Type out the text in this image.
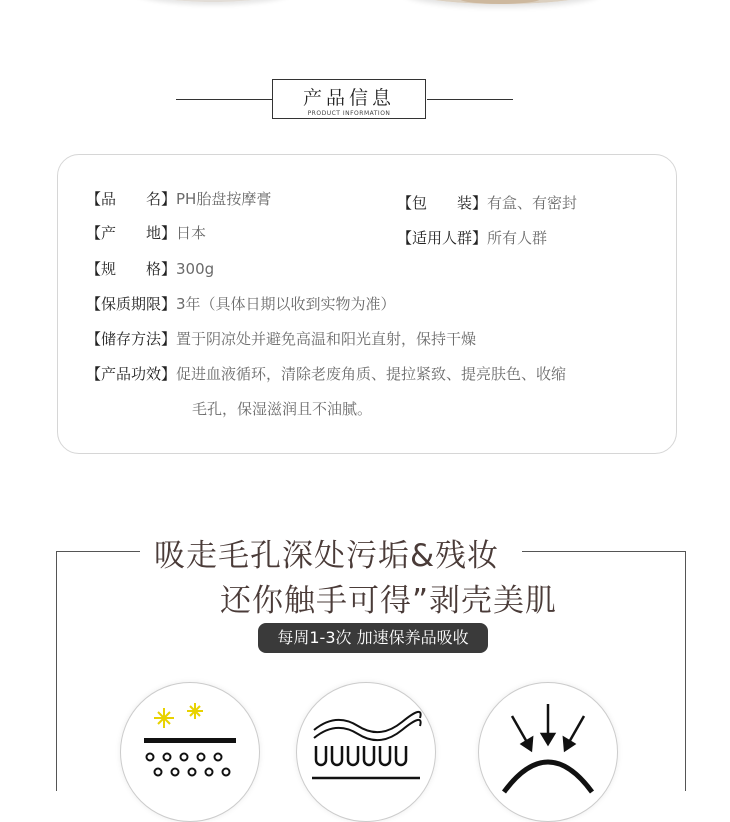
产品信息
PRODUCT INFORMATION
【品　　名】PH胎盘按摩膏
【产　　地】日本
【规　　格】300g
【保质期限】3年（具体日期以收到实物为准）
【储存方法】置于阴凉处并避免高温和阳光直射，保持干燥
【产品功效】促进血液循环，清除老废角质、提拉紧致、提亮肤色、收缩
毛孔，保湿滋润且不油腻。
【包　　装】有盒、有密封
【适用人群】所有人群
吸走毛孔深处污垢&残妆
还你触手可得”剥壳美肌
每周1-3次 加速保养品吸收
